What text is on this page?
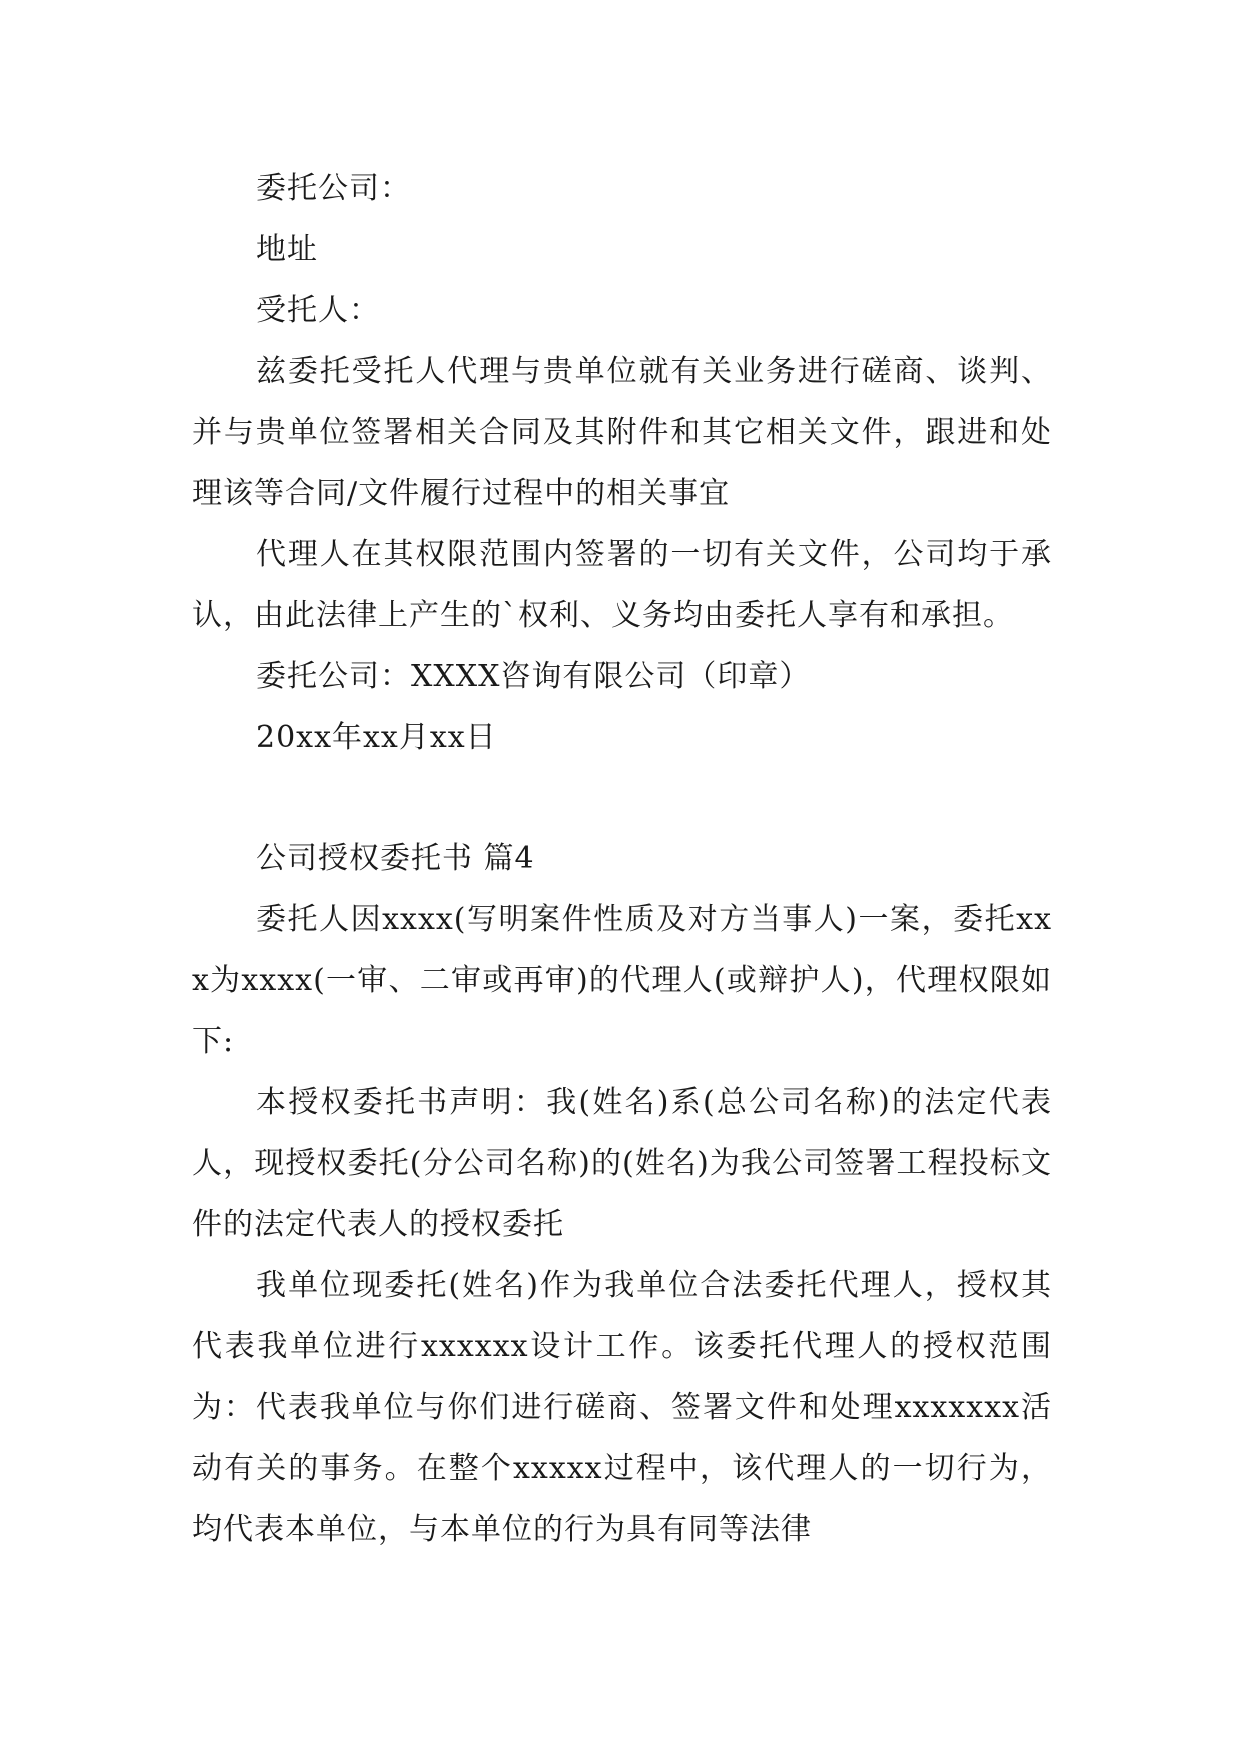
委托公司：

地址

受托人：

兹委托受托人代理与贵单位就有关业务进行磋商、谈判、并与贵单位签署相关合同及其附件和其它相关文件，跟进和处理该等合同/文件履行过程中的相关事宜

代理人在其权限范围内签署的一切有关文件，公司均于承认，由此法律上产生的`权利、义务均由委托人享有和承担。

委托公司：XXXX咨询有限公司（印章）

20xx年xx月xx日

公司授权委托书 篇4

委托人因xxxx(写明案件性质及对方当事人)一案，委托xxx为xxxx(一审、二审或再审)的代理人(或辩护人)，代理权限如下:

本授权委托书声明：我(姓名)系(总公司名称)的法定代表人，现授权委托(分公司名称)的(姓名)为我公司签署工程投标文件的法定代表人的授权委托

我单位现委托(姓名)作为我单位合法委托代理人，授权其代表我单位进行xxxxxx设计工作。该委托代理人的授权范围为：代表我单位与你们进行磋商、签署文件和处理xxxxxxx活动有关的事务。在整个xxxxx过程中，该代理人的一切行为，均代表本单位，与本单位的行为具有同等法律
